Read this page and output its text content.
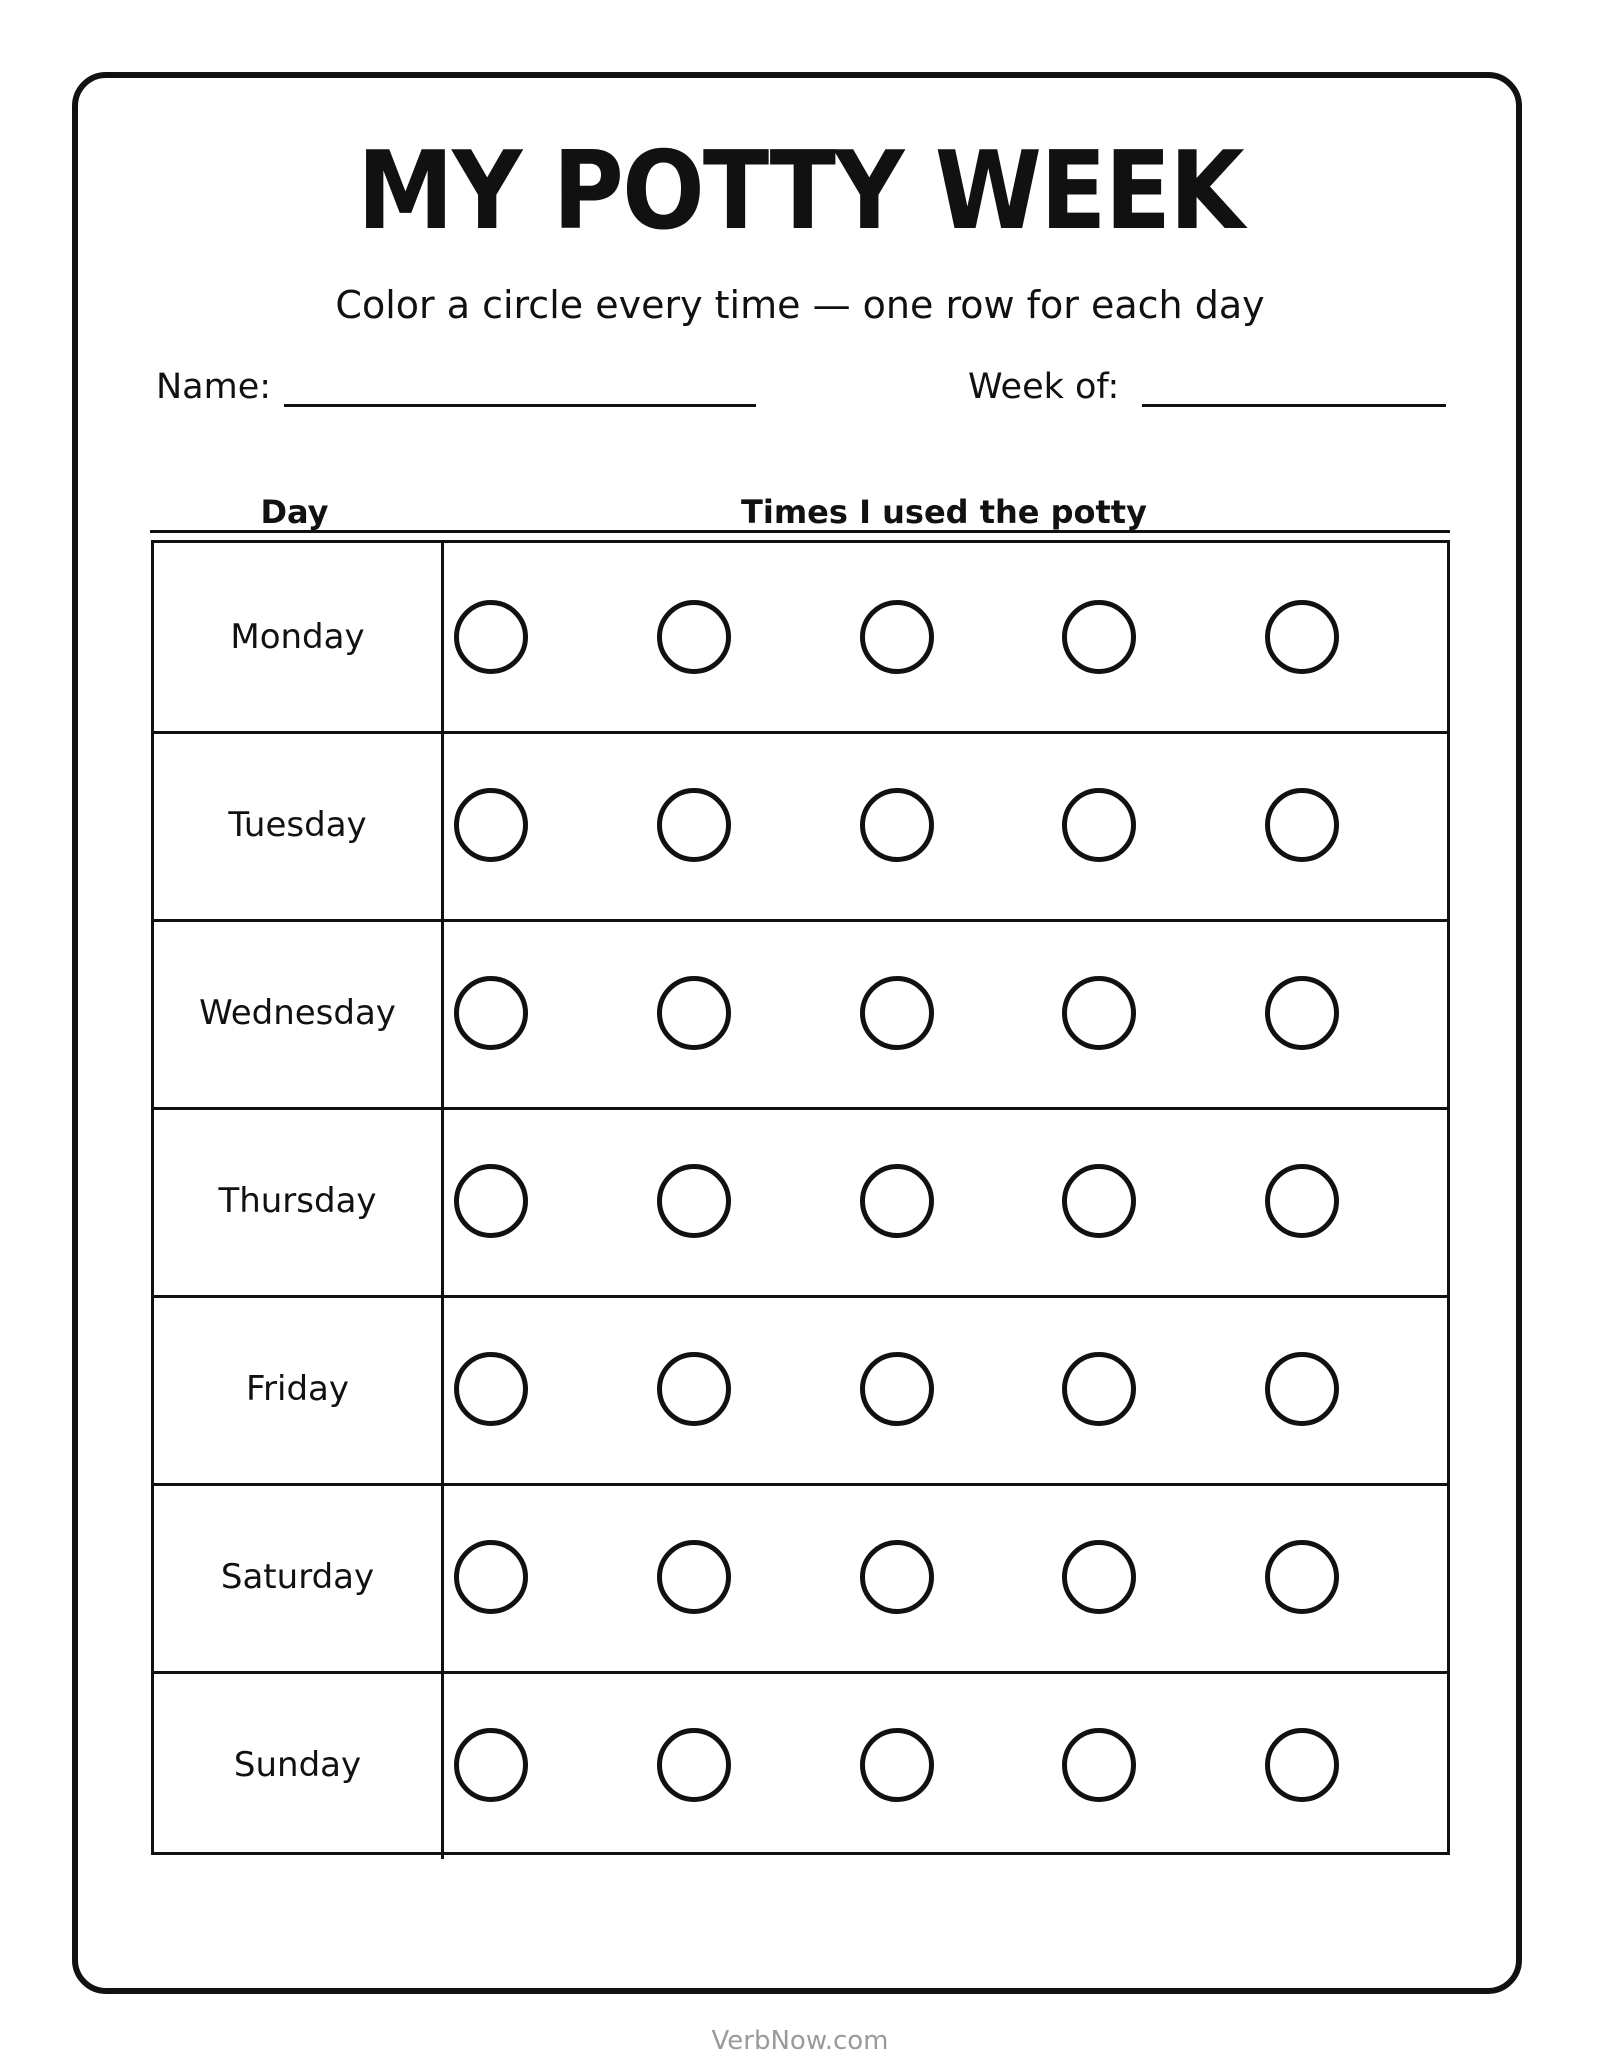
MY POTTY WEEK
Color a circle every time — one row for each day
Name:	Week of:
Day	Times I used the potty
Monday
Tuesday
Wednesday
Thursday
Friday
Saturday
Sunday
VerbNow.com
